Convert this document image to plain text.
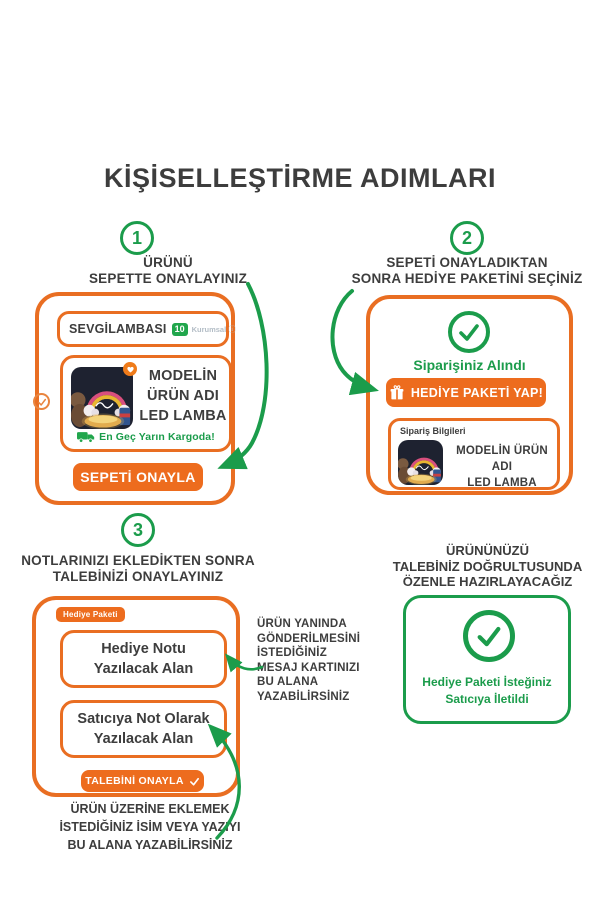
KİŞİSELLEŞTİRME ADIMLARI
1	2
3
ÜRÜNÜ
SEPETTE ONAYLAYINIZ
SEPETİ ONAYLADIKTAN
SONRA HEDİYE PAKETİNİ SEÇİNİZ
NOTLARINIZI EKLEDİKTEN SONRA
TALEBİNİZİ ONAYLAYINIZ
SEVGİLAMBASI 10 Kurumsal ⓘ
MODELİN
ÜRÜN ADI
LED LAMBA
En Geç Yarın Kargoda!
SEPETİ ONAYLA
Siparişiniz Alındı
HEDİYE PAKETİ YAP!
Sipariş Bilgileri
MODELİN ÜRÜN ADI
LED LAMBA
Hediye Paketi
Hediye Notu
Yazılacak Alan
Satıcıya Not Olarak
Yazılacak Alan
TALEBİNİ ONAYLA
ÜRÜN YANINDA
GÖNDERİLMESİNİ
İSTEDİĞİNİZ
MESAJ KARTINIZI
BU ALANA
YAZABİLİRSİNİZ
ÜRÜN ÜZERİNE EKLEMEK
İSTEDİĞİNİZ İSİM VEYA YAZIYI
BU ALANA YAZABİLİRSİNİZ
ÜRÜNÜNÜZÜ
TALEBİNİZ DOĞRULTUSUNDA
ÖZENLE HAZIRLAYACAĞIZ
Hediye Paketi İsteğiniz
Satıcıya İletildi
